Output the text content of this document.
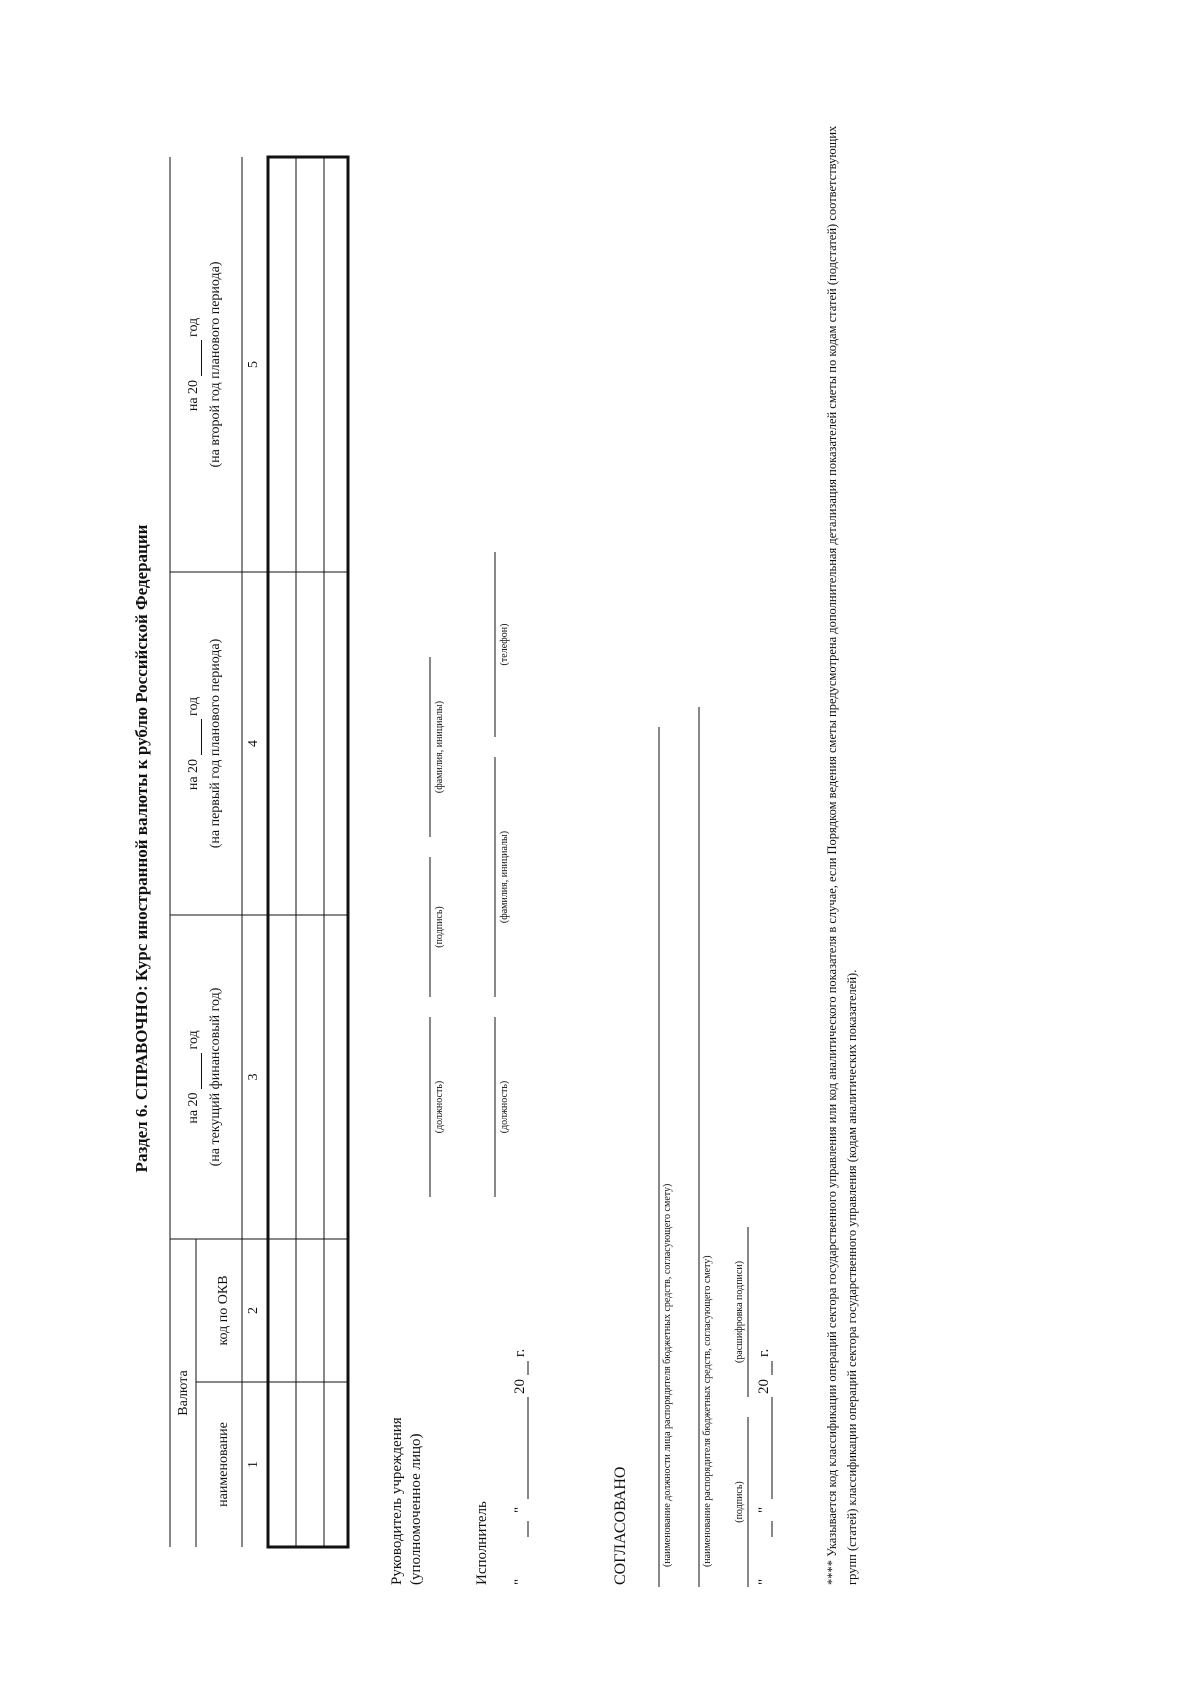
Раздел 6. СПРАВОЧНО: Курс иностранной валюты к рублю Российской Федерации
Валюта
наименование
код по ОКВ
на 20  год (на текущий финансовый год)
на 20  год (на первый год планового периода)
на 20  год (на второй год планового периода)
1
2
3
4
5
Руководитель учреждения (уполномоченное лицо)
(должность)
(подпись)
(фамилия, инициалы)
Исполнитель
(должность)
(фамилия, инициалы)
(телефон)
"
"
20
г.
СОГЛАСОВАНО	(наименование должности лица распорядителя бюджетных средств, согласующего смету)	(наименование распорядителя бюджетных средств, согласующего смету) (подпись)
(расшифровка подписи)
"
"
20
г.
**** Указывается код классификации операций сектора государственного управления или код аналитического показателя в случае, если Порядком ведения сметы предусмотрена дополнительная детализация показателей сметы по кодам статей (подстатей) соответствующих групп (статей) классификации операций сектора государственного управления (кодам аналитических показателей).
